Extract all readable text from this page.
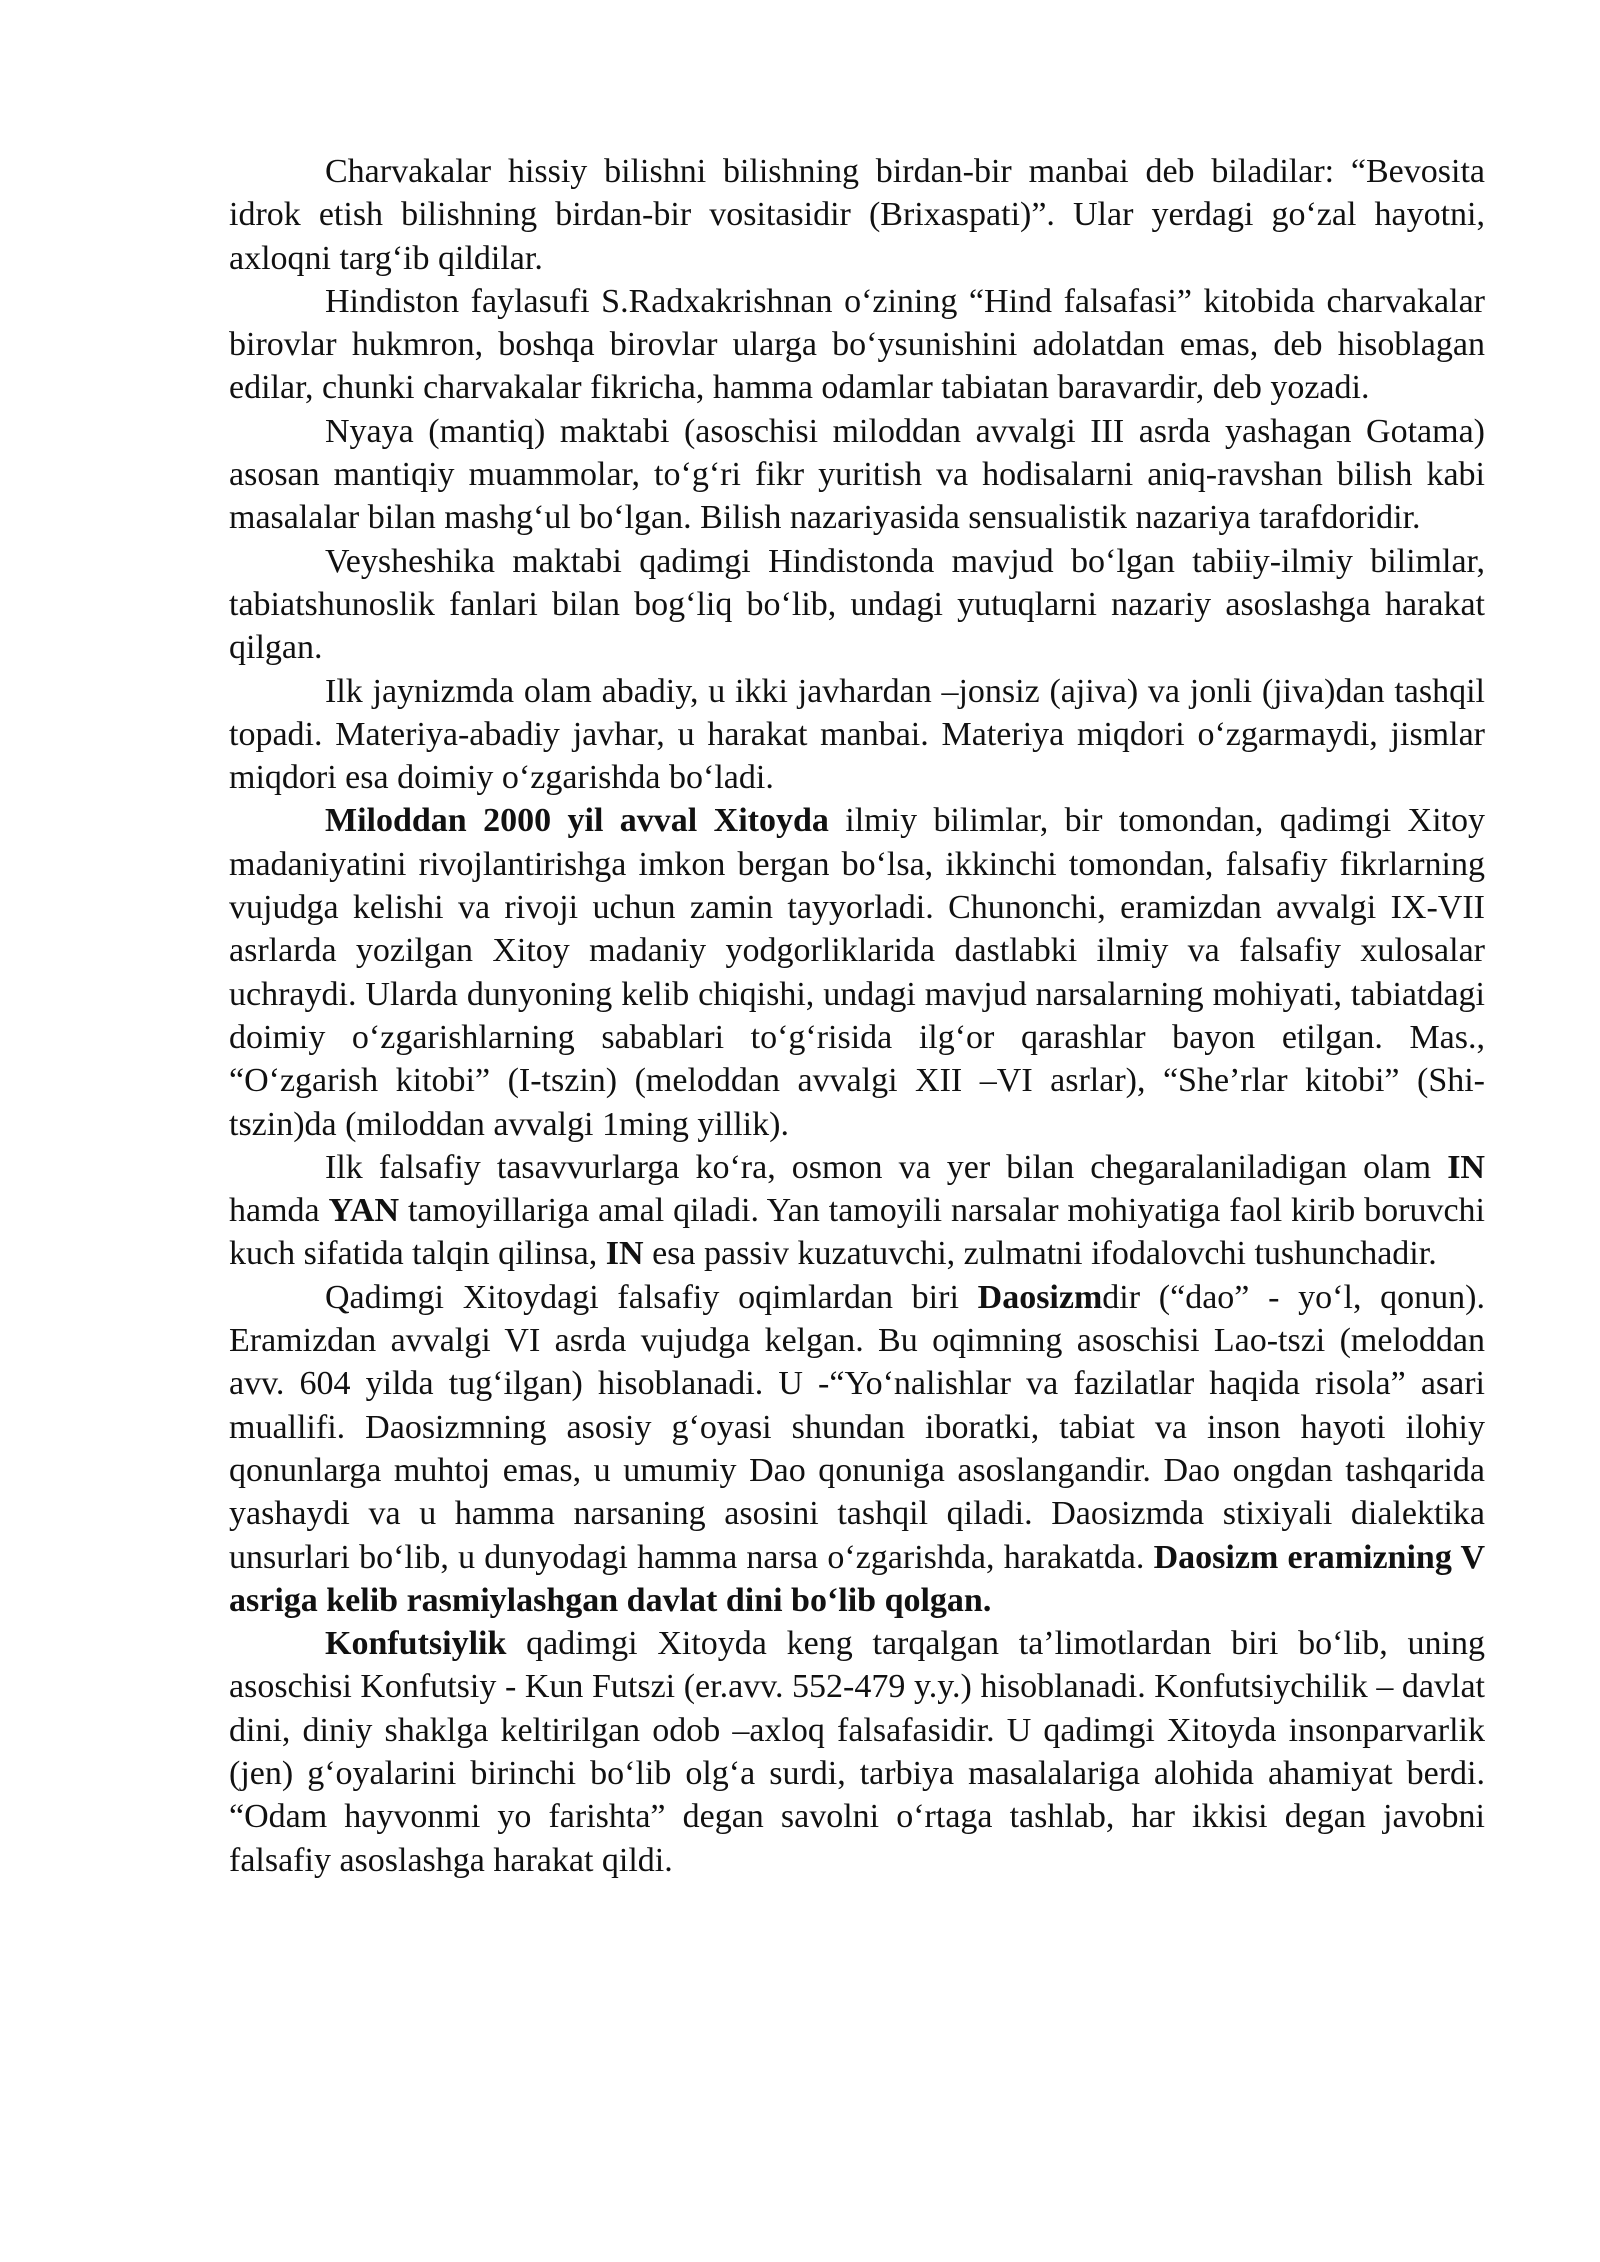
Charvakalar hissiy bilishni bilishning birdan-bir manbai deb biladilar: “Bevosita idrok etish bilishning birdan-bir vositasidir (Brixaspati)”. Ular yerdagi go‘zal hayotni, axloqni targ‘ib qildilar.

Hindiston faylasufi S.Radxakrishnan o‘zining “Hind falsafasi” kitobida charvakalar birovlar hukmron, boshqa birovlar ularga bo‘ysunishini adolatdan emas, deb hisoblagan edilar, chunki charvakalar fikricha, hamma odamlar tabiatan baravardir, deb yozadi.

Nyaya (mantiq) maktabi (asoschisi miloddan avvalgi III asrda yashagan Gotama) asosan mantiqiy muammolar, to‘g‘ri fikr yuritish va hodisalarni aniq-ravshan bilish kabi masalalar bilan mashg‘ul bo‘lgan. Bilish nazariyasida sensualistik nazariya tarafdoridir.

Veysheshika maktabi qadimgi Hindistonda mavjud bo‘lgan tabiiy-ilmiy bilimlar, tabiatshunoslik fanlari bilan bog‘liq bo‘lib, undagi yutuqlarni nazariy asoslashga harakat qilgan.

Ilk jaynizmda olam abadiy, u ikki javhardan –jonsiz (ajiva) va jonli (jiva)dan tashqil topadi. Materiya-abadiy javhar, u harakat manbai. Materiya miqdori o‘zgarmaydi, jismlar miqdori esa doimiy o‘zgarishda bo‘ladi.

Miloddan 2000 yil avval Xitoyda ilmiy bilimlar, bir tomondan, qadimgi Xitoy madaniyatini rivojlantirishga imkon bergan bo‘lsa, ikkinchi tomondan, falsafiy fikrlarning vujudga kelishi va rivoji uchun zamin tayyorladi. Chunonchi, eramizdan avvalgi IX-VII asrlarda yozilgan Xitoy madaniy yodgorliklarida dastlabki ilmiy va falsafiy xulosalar uchraydi. Ularda dunyoning kelib chiqishi, undagi mavjud narsalarning mohiyati, tabiatdagi doimiy o‘zgarishlarning sabablari to‘g‘risida ilg‘or qarashlar bayon etilgan. Mas., “O‘zgarish kitobi” (I-tszin) (meloddan avvalgi XII –VI asrlar), “She’rlar kitobi” (Shi-tszin)da (miloddan avvalgi 1ming yillik).

Ilk falsafiy tasavvurlarga ko‘ra, osmon va yer bilan chegaralaniladigan olam IN hamda YAN tamoyillariga amal qiladi. Yan tamoyili narsalar mohiyatiga faol kirib boruvchi kuch sifatida talqin qilinsa, IN esa passiv kuzatuvchi, zulmatni ifodalovchi tushunchadir.

Qadimgi Xitoydagi falsafiy oqimlardan biri Daosizmdir (“dao” - yo‘l, qonun). Eramizdan avvalgi VI asrda vujudga kelgan. Bu oqimning asoschisi Lao-tszi (meloddan avv. 604 yilda tug‘ilgan) hisoblanadi. U -“Yo‘nalishlar va fazilatlar haqida risola” asari muallifi. Daosizmning asosiy g‘oyasi shundan iboratki, tabiat va inson hayoti ilohiy qonunlarga muhtoj emas, u umumiy Dao qonuniga asoslangandir. Dao ongdan tashqarida yashaydi va u hamma narsaning asosini tashqil qiladi. Daosizmda stixiyali dialektika unsurlari bo‘lib, u dunyodagi hamma narsa o‘zgarishda, harakatda. Daosizm eramizning V asriga kelib rasmiylashgan davlat dini bo‘lib qolgan.

Konfutsiylik qadimgi Xitoyda keng tarqalgan ta’limotlardan biri bo‘lib, uning asoschisi Konfutsiy - Kun Futszi (er.avv. 552-479 y.y.) hisoblanadi. Konfutsiychilik – davlat dini, diniy shaklga keltirilgan odob –axloq falsafasidir. U qadimgi Xitoyda insonparvarlik (jen) g‘oyalarini birinchi bo‘lib olg‘a surdi, tarbiya masalalariga alohida ahamiyat berdi. “Odam hayvonmi yo farishta” degan savolni o‘rtaga tashlab, har ikkisi degan javobni falsafiy asoslashga harakat qildi.
